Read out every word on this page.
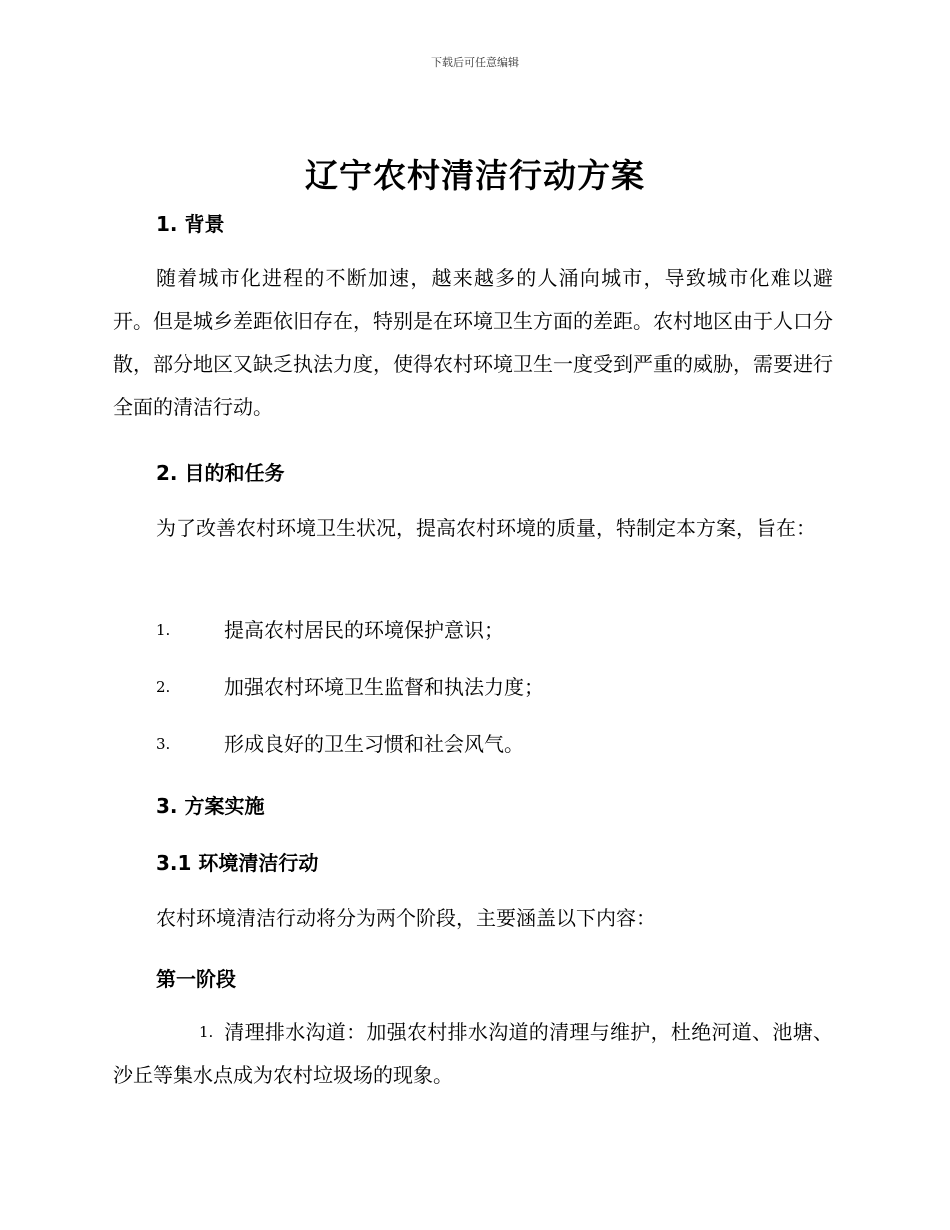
下载后可任意编辑
辽宁农村清洁行动方案
1. 背景
随着城市化进程的不断加速，越来越多的人涌向城市，导致城市化难以避开。但是城乡差距依旧存在，特别是在环境卫生方面的差距。农村地区由于人口分散，部分地区又缺乏执法力度，使得农村环境卫生一度受到严重的威胁，需要进行全面的清洁行动。
2. 目的和任务
为了改善农村环境卫生状况，提高农村环境的质量，特制定本方案，旨在：
1.	提高农村居民的环境保护意识；
2.	加强农村环境卫生监督和执法力度；
3.	形成良好的卫生习惯和社会风气。
3. 方案实施
3.1 环境清洁行动
农村环境清洁行动将分为两个阶段，主要涵盖以下内容：
第一阶段
1. 清理排水沟道：加强农村排水沟道的清理与维护，杜绝河道、池塘、沙丘等集水点成为农村垃圾场的现象。
